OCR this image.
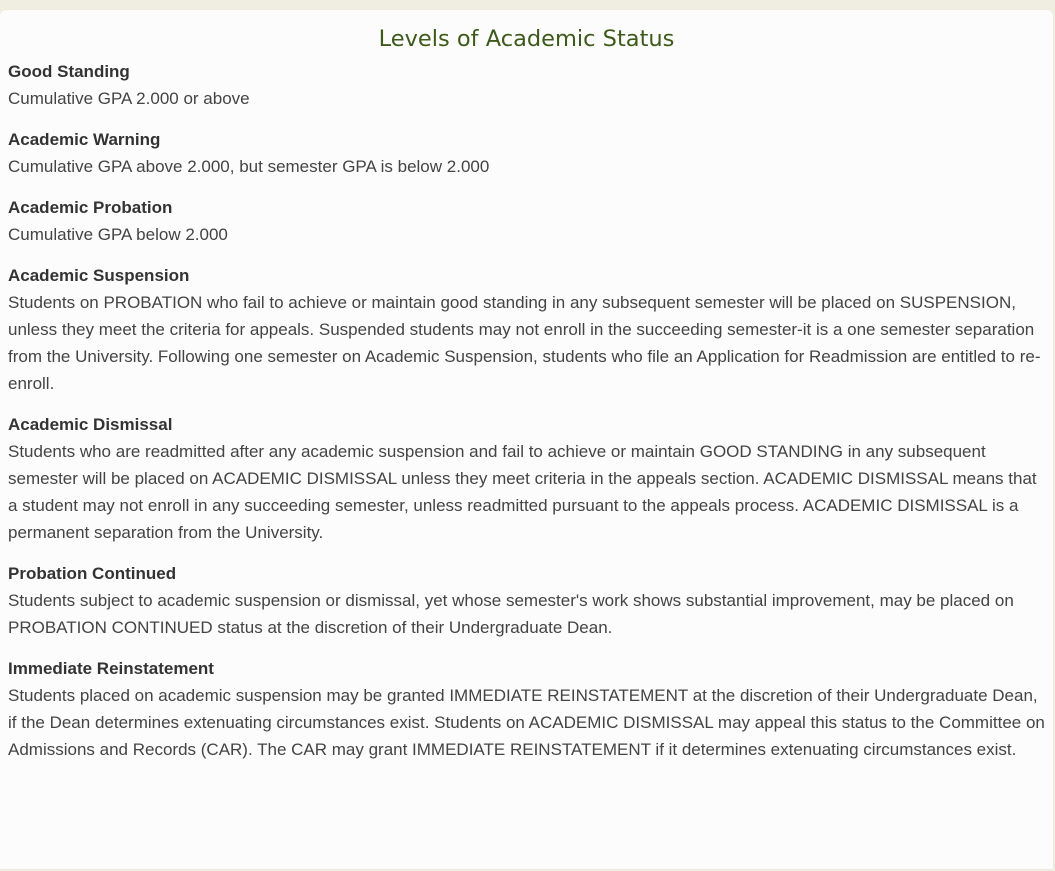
Levels of Academic Status
Good Standing
Cumulative GPA 2.000 or above
Academic Warning
Cumulative GPA above 2.000, but semester GPA is below 2.000
Academic Probation
Cumulative GPA below 2.000
Academic Suspension
Students on PROBATION who fail to achieve or maintain good standing in any subsequent semester will be placed on SUSPENSION, unless they meet the criteria for appeals. Suspended students may not enroll in the succeeding semester-it is a one semester separation from the University. Following one semester on Academic Suspension, students who file an Application for Readmission are entitled to re-enroll.
Academic Dismissal
Students who are readmitted after any academic suspension and fail to achieve or maintain GOOD STANDING in any subsequent semester will be placed on ACADEMIC DISMISSAL unless they meet criteria in the appeals section. ACADEMIC DISMISSAL means that a student may not enroll in any succeeding semester, unless readmitted pursuant to the appeals process. ACADEMIC DISMISSAL is a permanent separation from the University.
Probation Continued
Students subject to academic suspension or dismissal, yet whose semester's work shows substantial improvement, may be placed on PROBATION CONTINUED status at the discretion of their Undergraduate Dean.
Immediate Reinstatement
Students placed on academic suspension may be granted IMMEDIATE REINSTATEMENT at the discretion of their Undergraduate Dean, if the Dean determines extenuating circumstances exist. Students on ACADEMIC DISMISSAL may appeal this status to the Committee on Admissions and Records (CAR). The CAR may grant IMMEDIATE REINSTATEMENT if it determines extenuating circumstances exist.
